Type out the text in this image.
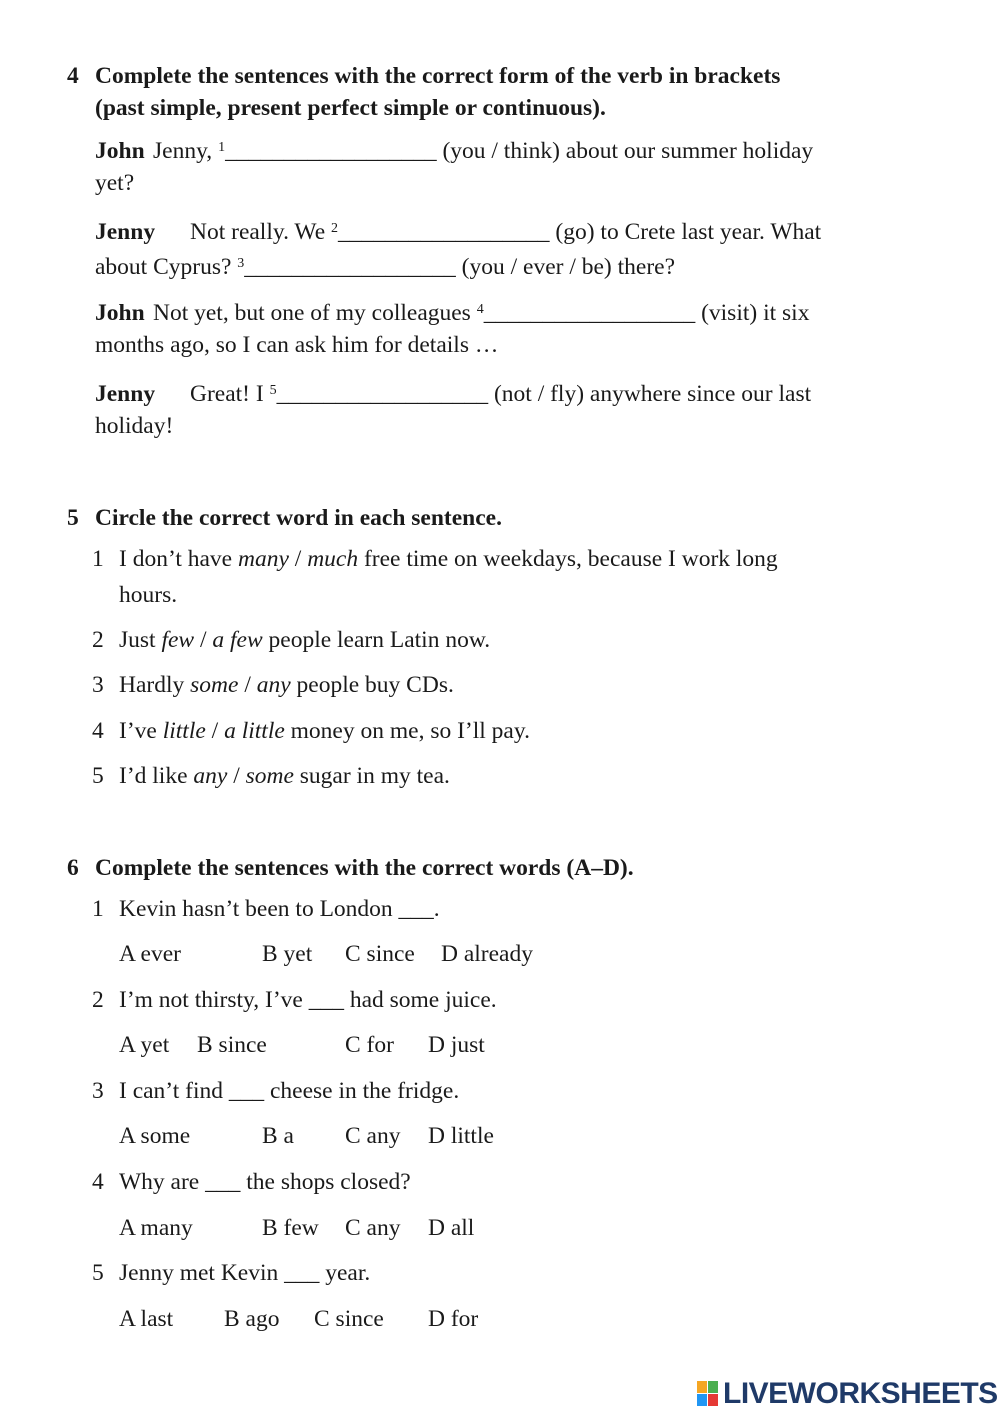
4 Complete the sentences with the correct form of the verb in brackets
(past simple, present perfect simple or continuous).
John Jenny, $^1$__________________ (you / think) about our summer holiday
yet?
Jenny Not really. We $^2$__________________ (go) to Crete last year. What
about Cyprus? $^3$__________________ (you / ever / be) there?
John Not yet, but one of my colleagues $^4$__________________ (visit) it six
months ago, so I can ask him for details …
Jenny Great! I $^5$__________________ (not / fly) anywhere since our last
holiday!
5 Circle the correct word in each sentence.
1 I don’t have many / much free time on weekdays, because I work long
hours.
2 Just few / a few people learn Latin now.
3 Hardly some / any people buy CDs.
4 I’ve little / a little money on me, so I’ll pay.
5 I’d like any / some sugar in my tea.
6 Complete the sentences with the correct words (A–D).
1 Kevin hasn’t been to London ___.
A ever	B yet C since D already
2 I’m not thirsty, I’ve ___ had some juice.
A yet B since	C for D just
3 I can’t find ___ cheese in the fridge.
A some	B a C any D little
4 Why are ___ the shops closed?
A many	B few C any D all
5 Jenny met Kevin ___ year.
A last B ago C since D for
LIVEWORKSHEETS
